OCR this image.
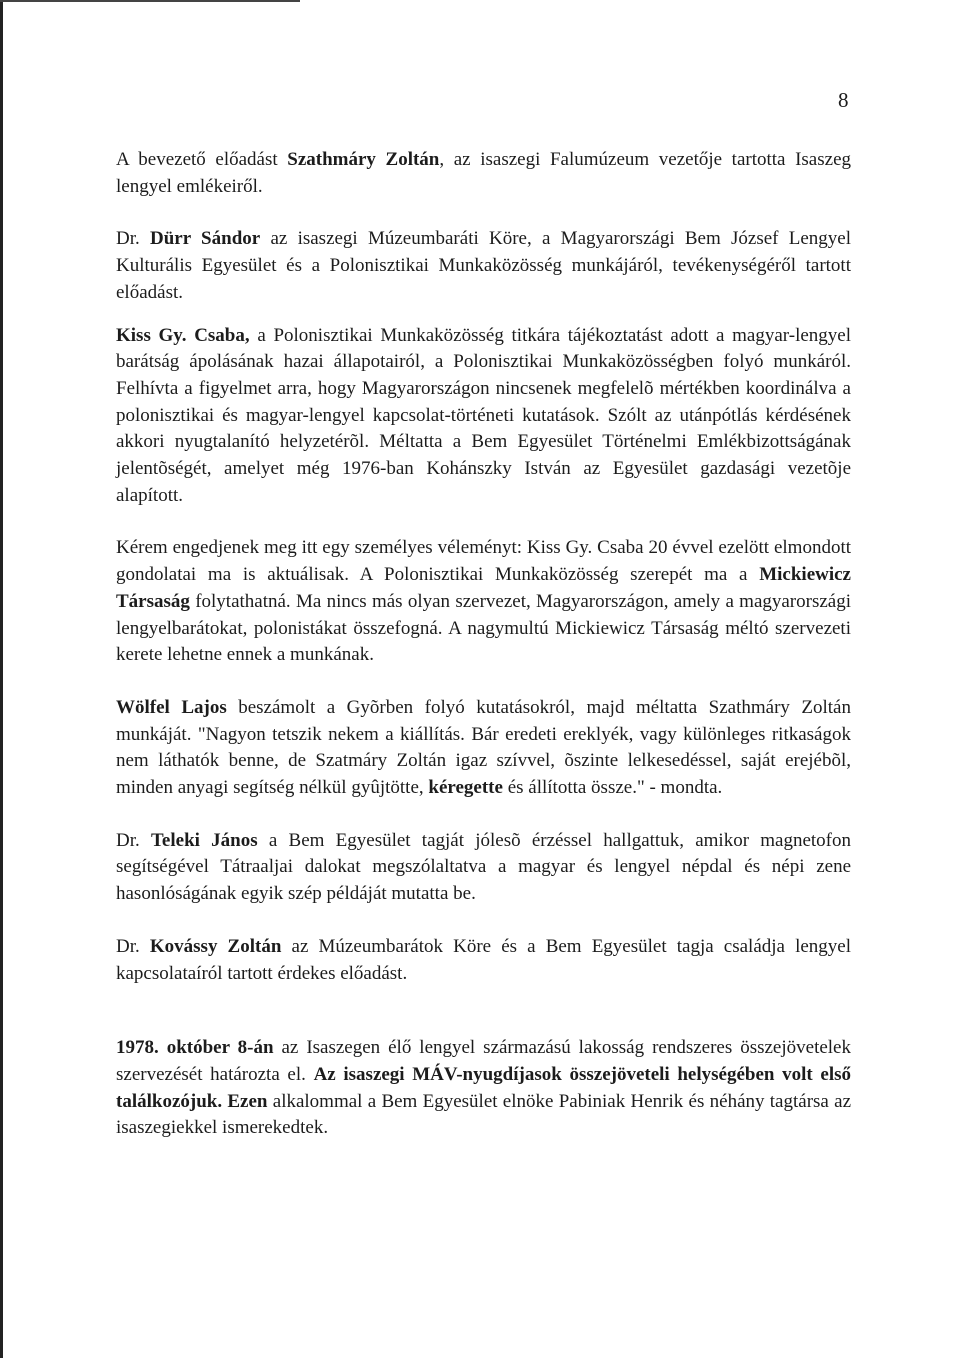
8

A bevezető előadást Szathmáry Zoltán, az isaszegi Falumúzeum vezetője tartotta Isaszeg lengyel emlékeiről.

Dr. Dürr Sándor az isaszegi Múzeumbaráti Köre, a Magyarországi Bem József Lengyel Kulturális Egyesület és a Polonisztikai Munkaközösség munkájáról, tevékenységéről tartott előadást.

Kiss Gy. Csaba, a Polonisztikai Munkaközösség titkára tájékoztatást adott a magyar-lengyel barátság ápolásának hazai állapotairól, a Polonisztikai Munkaközösségben folyó munkáról. Felhívta a figyelmet arra, hogy Magyarországon nincsenek megfelelõ mértékben koordinálva a polonisztikai és magyar-lengyel kapcsolat-történeti kutatások. Szólt az utánpótlás kérdésének akkori nyugtalanító helyzetérõl. Méltatta a Bem Egyesület Történelmi Emlékbizottságának jelentõségét, amelyet még 1976-ban Kohánszky István az Egyesület gazdasági vezetõje alapított.

Kérem engedjenek meg itt egy személyes véleményt: Kiss Gy. Csaba 20 évvel ezelött elmondott gondolatai ma is aktuálisak. A Polonisztikai Munkaközösség szerepét ma a Mickiewicz Társaság folytathatná. Ma nincs más olyan szervezet, Magyarországon, amely a magyarországi lengyelbarátokat, polonistákat összefogná. A nagymultú Mickiewicz Társaság méltó szervezeti kerete lehetne ennek a munkának.

Wölfel Lajos beszámolt a Gyõrben folyó kutatásokról, majd méltatta Szathmáry Zoltán munkáját. "Nagyon tetszik nekem a kiállítás. Bár eredeti ereklyék, vagy különleges ritkaságok nem láthatók benne, de Szatmáry Zoltán igaz szívvel, õszinte lelkesedéssel, saját erejébõl, minden anyagi segítség nélkül gyûjtötte, kéregette és állította össze." - mondta.

Dr. Teleki János a Bem Egyesület tagját jólesõ érzéssel hallgattuk, amikor magnetofon segítségével Tátraaljai dalokat megszólaltatva a magyar és lengyel népdal és népi zene hasonlóságának egyik szép példáját mutatta be.

Dr. Kovássy Zoltán az Múzeumbarátok Köre és a Bem Egyesület tagja családja lengyel kapcsolataíról tartott érdekes előadást.

1978. október 8-án az Isaszegen élő lengyel származású lakosság rendszeres összejövetelek szervezését határozta el. Az isaszegi MÁV-nyugdíjasok összejöveteli helységében volt első találkozójuk. Ezen alkalommal a Bem Egyesület elnöke Pabiniak Henrik és néhány tagtársa az isaszegiekkel ismerekedtek.
